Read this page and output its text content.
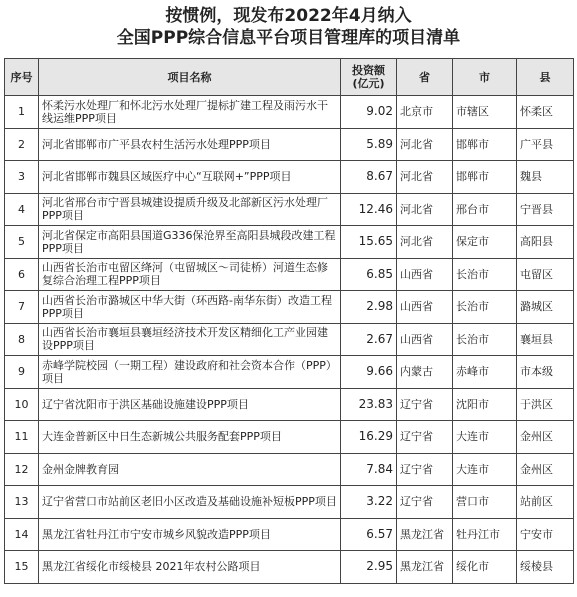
按惯例，现发布2022年4月纳入
全国PPP综合信息平台项目管理库的项目清单
序号	项目名称	投资额(亿元)	省	市	县
1	怀柔污水处理厂和怀北污水处理厂提标扩建工程及雨污水干线运维PPP项目	9.02	北京市	市辖区	怀柔区
2	河北省邯郸市广平县农村生活污水处理PPP项目	5.89	河北省	邯郸市	广平县
3	河北省邯郸市魏县区域医疗中心“互联网+”PPP项目	8.67	河北省	邯郸市	魏县
4	河北省邢台市宁晋县城建设提质升级及北部新区污水处理厂PPP项目	12.46	河北省	邢台市	宁晋县
5	河北省保定市高阳县国道G336保沧界至高阳县城段改建工程PPP项目	15.65	河北省	保定市	高阳县
6	山西省长治市屯留区绛河（屯留城区～司徒桥）河道生态修复综合治理工程PPP项目	6.85	山西省	长治市	屯留区
7	山西省长治市潞城区中华大街（环西路-南华东街）改造工程PPP项目	2.98	山西省	长治市	潞城区
8	山西省长治市襄垣县襄垣经济技术开发区精细化工产业园建设PPP项目	2.67	山西省	长治市	襄垣县
9	赤峰学院校园（一期工程）建设政府和社会资本合作（PPP）项目	9.66	内蒙古	赤峰市	市本级
10	辽宁省沈阳市于洪区基础设施建设PPP项目	23.83	辽宁省	沈阳市	于洪区
11	大连金普新区中日生态新城公共服务配套PPP项目	16.29	辽宁省	大连市	金州区
12	金州金牌教育园	7.84	辽宁省	大连市	金州区
13	辽宁省营口市站前区老旧小区改造及基础设施补短板PPP项目	3.22	辽宁省	营口市	站前区
14	黑龙江省牡丹江市宁安市城乡风貌改造PPP项目	6.57	黑龙江省	牡丹江市	宁安市
15	黑龙江省绥化市绥棱县 2021年农村公路项目	2.95	黑龙江省	绥化市	绥棱县
